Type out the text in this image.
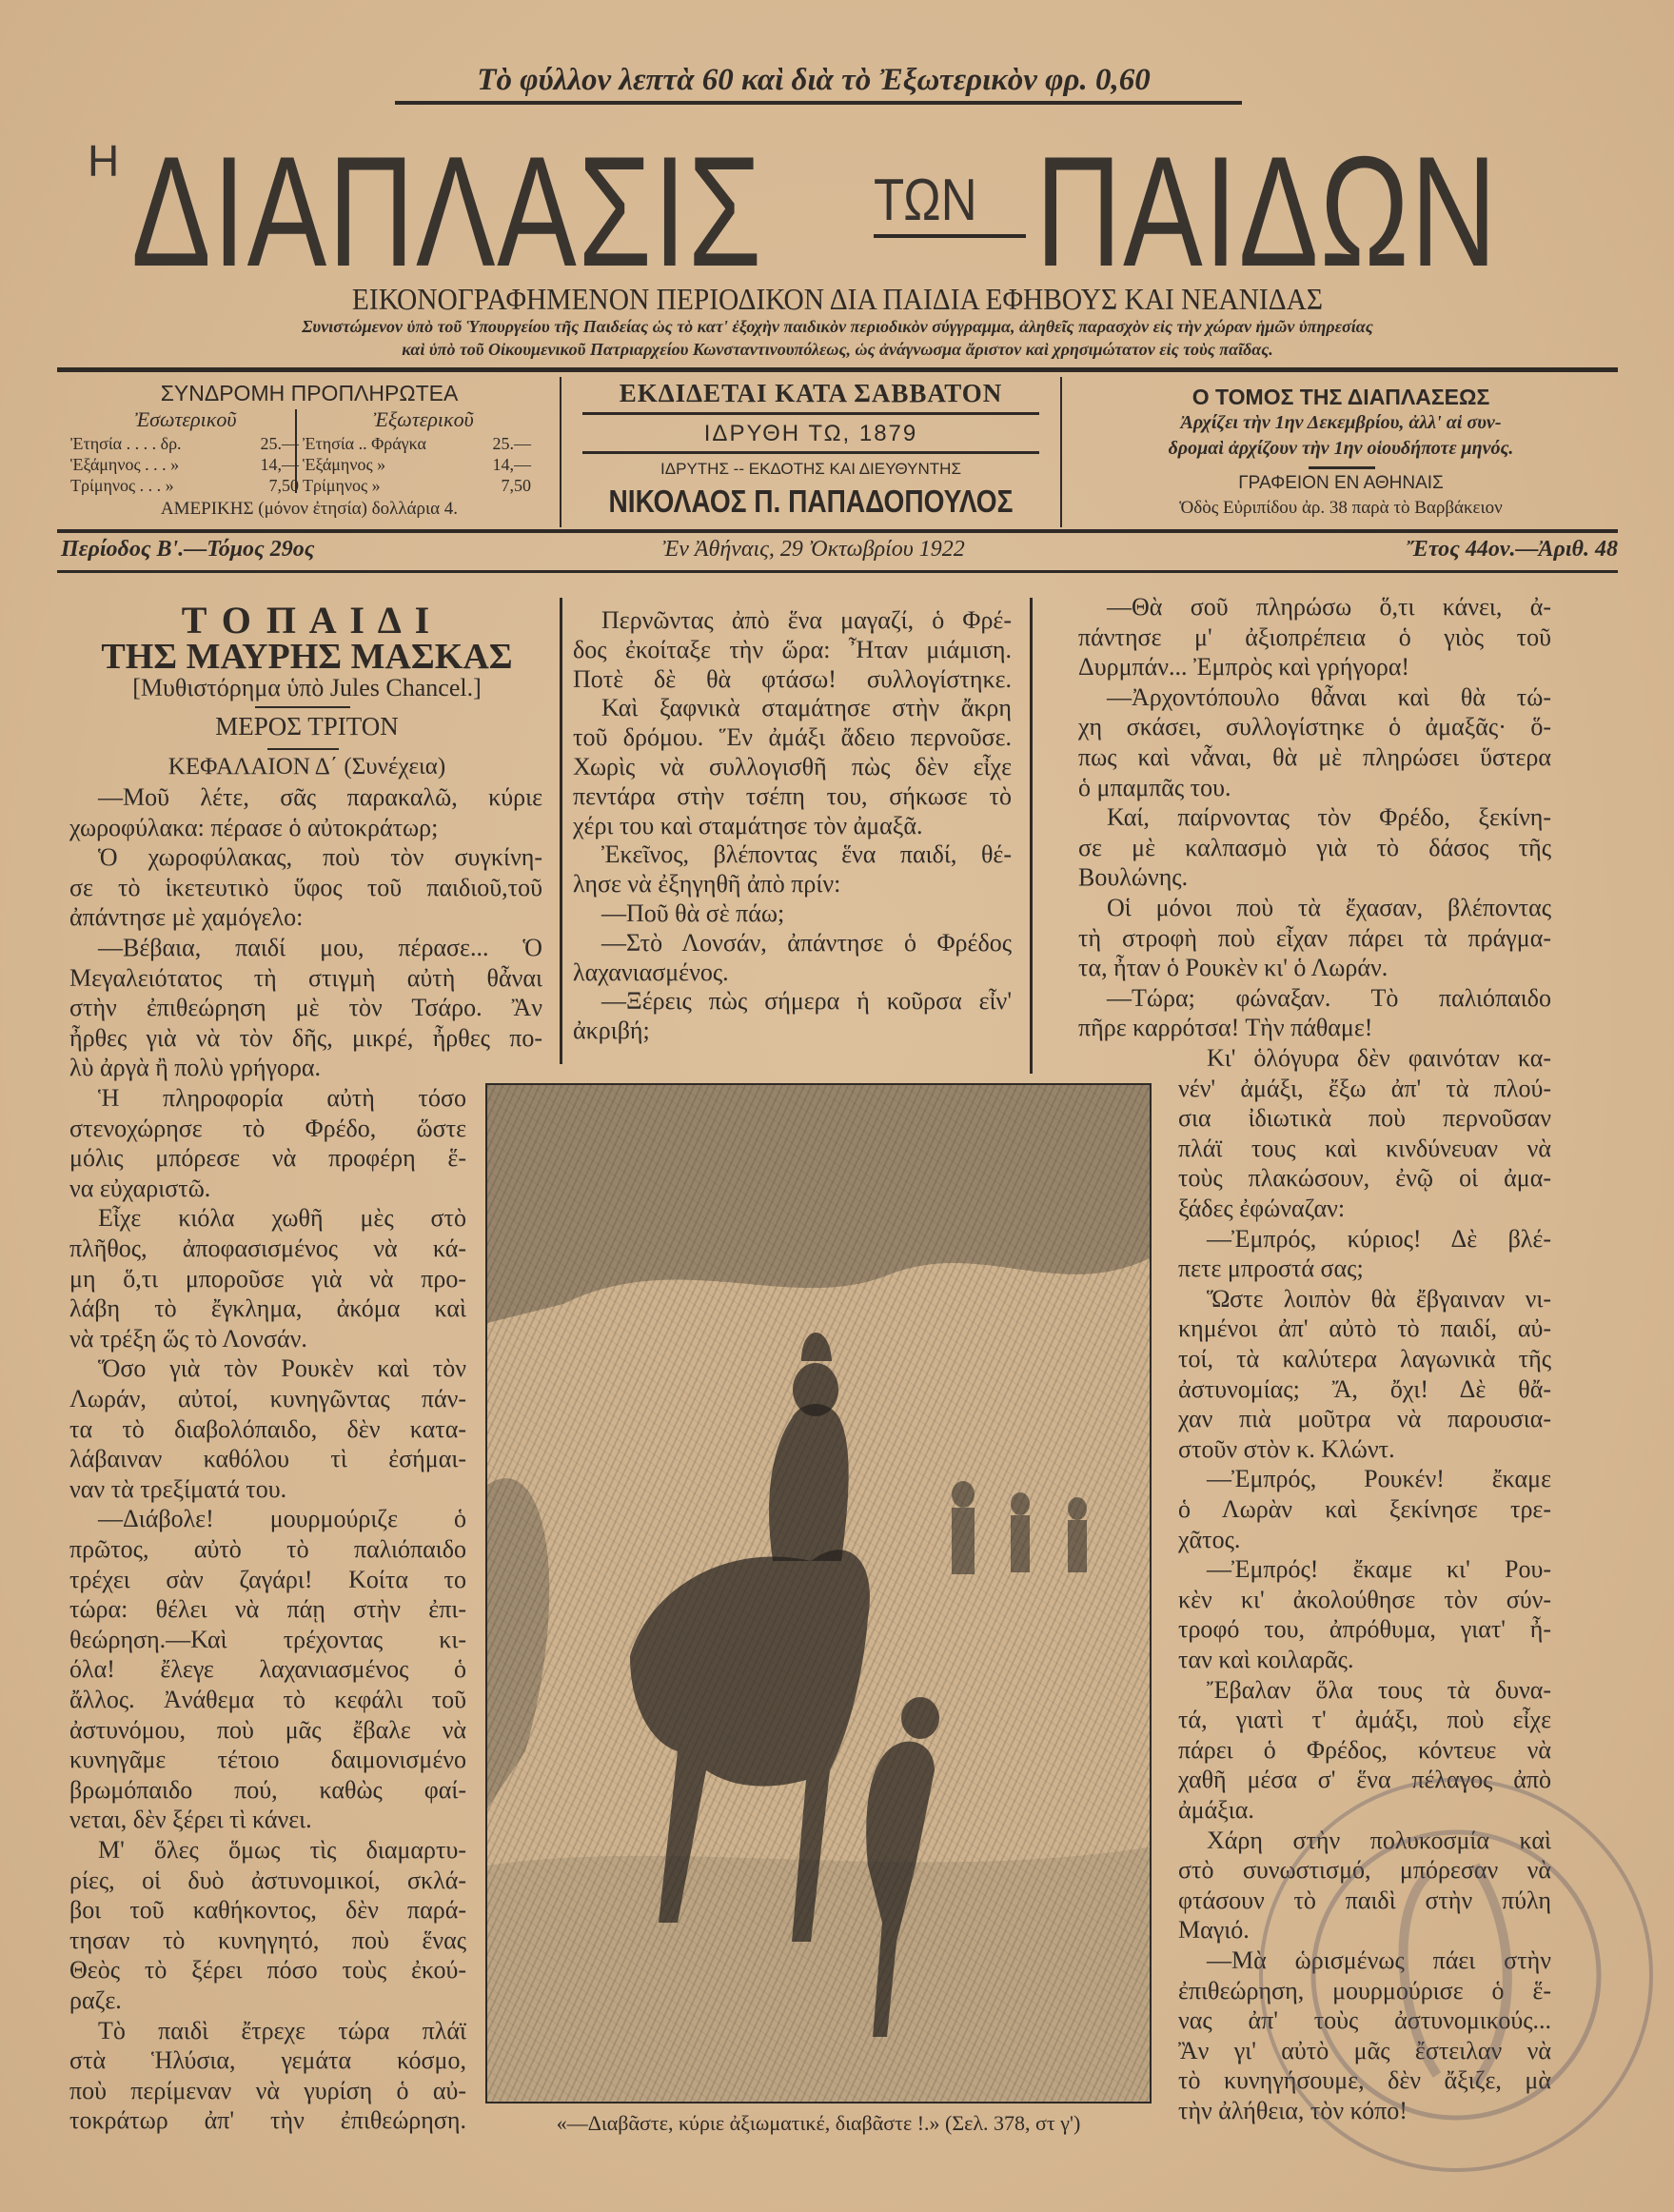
Τὸ φύλλον λεπτὰ 60 καὶ διὰ τὸ Ἐξωτερικὸν φρ. 0,60
Η ΔΙΑΠΛΑΣΙΣ ΤΩΝ ΠΑΙΔΩΝ
ΕΙΚΟΝΟΓΡΑΦΗΜΕΝΟΝ ΠΕΡΙΟΔΙΚΟΝ ΔΙΑ ΠΑΙΔΙΑ ΕΦΗΒΟΥΣ ΚΑΙ ΝΕΑΝΙΔΑΣ
Συνιστώμενον ὑπὸ τοῦ Ὑπουργείου τῆς Παιδείας ὡς τὸ κατ' ἐξοχὴν παιδικὸν περιοδικὸν σύγγραμμα, ἀληθεῖς παρασχὸν εἰς τὴν χώραν ἡμῶν ὑπηρεσίας
καὶ ὑπὸ τοῦ Οἰκουμενικοῦ Πατριαρχείου Κωνσταντινουπόλεως, ὡς ἀνάγνωσμα ἄριστον καὶ χρησιμώτατον εἰς τοὺς παῖδας.
ΣΥΝΔΡΟΜΗ ΠΡΟΠΛΗΡΩΤΕΑ
Ἐσωτερικοῦ	Ἐξωτερικοῦ
Ἐτησία . . . . δρ.	25.—
Ἑξάμηνος . . . »	14,—
Τρίμηνος . . . »	7,50
Ἐτησία .. Φράγκα	25.—
Ἑξάμηνος »	14,—
Τρίμηνος »	7,50
ΑΜΕΡΙΚΗΣ (μόνον ἐτησία) δολλάρια 4.
ΕΚΔΙΔΕΤΑΙ ΚΑΤΑ ΣΑΒΒΑΤΟΝ
ΙΔΡΥΘΗ ΤΩ, 1879
ΙΔΡΥΤΗΣ -- ΕΚΔΟΤΗΣ ΚΑΙ ΔΙΕΥΘΥΝΤΗΣ
ΝΙΚΟΛΑΟΣ Π. ΠΑΠΑΔΟΠΟΥΛΟΣ
Ο ΤΟΜΟΣ ΤΗΣ ΔΙΑΠΛΑΣΕΩΣ
Ἀρχίζει τὴν 1ην Δεκεμβρίου, ἀλλ' αἱ συν-
δρομαὶ ἀρχίζουν τὴν 1ην οἱουδήποτε μηνός.
ΓΡΑΦΕΙΟΝ ΕΝ ΑΘΗΝΑΙΣ
Ὁδὸς Εὐριπίδου ἀρ. 38 παρὰ τὸ Βαρβάκειον
Περίοδος Β'.—Τόμος 29ος	Ἐν Ἀθήναις, 29 Ὀκτωβρίου 1922	Ἔτος 44ον.—Ἀριθ. 48
Τ Ο Π Α Ι Δ Ι
ΤΗΣ ΜΑΥΡΗΣ ΜΑΣΚΑΣ
[Μυθιστόρημα ὑπὸ Jules Chancel.]
ΜΕΡΟΣ ΤΡΙΤΟΝ
ΚΕΦΑΛΑΙΟΝ Δ΄ (Συνέχεια)
—Μοῦ λέτε, σᾶς παρακαλῶ, κύριε
χωροφύλακα: πέρασε ὁ αὐτοκράτωρ;
Ὁ χωροφύλακας, ποὺ τὸν συγκίνη-
σε τὸ ἱκετευτικὸ ὕφος τοῦ παιδιοῦ,τοῦ
ἀπάντησε μὲ χαμόγελο:
—Βέβαια, παιδί μου, πέρασε... Ὁ
Μεγαλειότατος τὴ στιγμὴ αὐτὴ θἆναι
στὴν ἐπιθεώρηση μὲ τὸν Τσάρο. Ἂν
ἦρθες γιὰ νὰ τὸν δῆς, μικρέ, ἦρθες πο-
λὺ ἀργὰ ἢ πολὺ γρήγορα.
Ἡ πληροφορία αὐτὴ τόσο
στενοχώρησε τὸ Φρέδο, ὥστε
μόλις μπόρεσε νὰ προφέρη ἕ-
να εὐχαριστῶ.
Εἶχε κιόλα χωθῆ μὲς στὸ
πλῆθος, ἀποφασισμένος νὰ κά-
μη ὅ,τι μποροῦσε γιὰ νὰ προ-
λάβη τὸ ἔγκλημα, ἀκόμα καὶ
νὰ τρέξη ὥς τὸ Λονσάν.
Ὅσο γιὰ τὸν Ρουκὲν καὶ τὸν
Λωράν, αὐτοί, κυνηγῶντας πάν-
τα τὸ διαβολόπαιδο, δὲν κατα-
λάβαιναν καθόλου τὶ ἐσήμαι-
ναν τὰ τρεξίματά του.
—Διάβολε! μουρμούριζε ὁ
πρῶτος, αὐτὸ τὸ παλιόπαιδο
τρέχει σὰν ζαγάρι! Κοίτα το
τώρα: θέλει νὰ πάῃ στὴν ἐπι-
θεώρηση.—Καὶ τρέχοντας κι-
όλα! ἔλεγε λαχανιασμένος ὁ
ἄλλος. Ἀνάθεμα τὸ κεφάλι τοῦ
ἀστυνόμου, ποὺ μᾶς ἔβαλε νὰ
κυνηγᾶμε τέτοιο δαιμονισμένο
βρωμόπαιδο πού, καθὼς φαί-
νεται, δὲν ξέρει τὶ κάνει.
Μ' ὅλες ὅμως τὶς διαμαρτυ-
ρίες, οἱ δυὸ ἀστυνομικοί, σκλά-
βοι τοῦ καθήκοντος, δὲν παρά-
τησαν τὸ κυνηγητό, ποὺ ἕνας
Θεὸς τὸ ξέρει πόσο τοὺς ἐκού-
ραζε.
Τὸ παιδὶ ἔτρεχε τώρα πλάϊ
στὰ Ἡλύσια, γεμάτα κόσμο,
ποὺ περίμεναν νὰ γυρίση ὁ αὐ-
τοκράτωρ ἀπ' τὴν ἐπιθεώρηση.
Περνῶντας ἀπὸ ἕνα μαγαζί, ὁ Φρέ-
δος ἐκοίταξε τὴν ὥρα: Ἦταν μιάμιση.
Ποτὲ δὲ θὰ φτάσω! συλλογίστηκε.
Καὶ ξαφνικὰ σταμάτησε στὴν ἄκρη
τοῦ δρόμου. Ἕν ἀμάξι ἄδειο περνοῦσε.
Χωρὶς νὰ συλλογισθῆ πὼς δὲν εἶχε
πεντάρα στὴν τσέπη του, σήκωσε τὸ
χέρι του καὶ σταμάτησε τὸν ἀμαξᾶ.
Ἐκεῖνος, βλέποντας ἕνα παιδί, θέ-
λησε νὰ ἐξηγηθῆ ἀπὸ πρίν:
—Ποῦ θὰ σὲ πάω;
—Στὸ Λονσάν, ἀπάντησε ὁ Φρέδος
λαχανιασμένος.
—Ξέρεις πὼς σήμερα ἡ κοῦρσα εἶν'
ἀκριβή;
—Θὰ σοῦ πληρώσω ὅ,τι κάνει, ἀ-
πάντησε μ' ἀξιοπρέπεια ὁ γιὸς τοῦ
Δυρμπάν... Ἐμπρὸς καὶ γρήγορα!
—Ἀρχοντόπουλο θἆναι καὶ θὰ τώ-
χη σκάσει, συλλογίστηκε ὁ ἀμαξᾶς· ὅ-
πως καὶ νἆναι, θὰ μὲ πληρώσει ὕστερα
ὁ μπαμπᾶς του.
Καί, παίρνοντας τὸν Φρέδο, ξεκίνη-
σε μὲ καλπασμὸ γιὰ τὸ δάσος τῆς
Βουλώνης.
Οἱ μόνοι ποὺ τὰ ἔχασαν, βλέποντας
τὴ στροφὴ ποὺ εἶχαν πάρει τὰ πράγμα-
τα, ἦταν ὁ Ρουκὲν κι' ὁ Λωράν.
—Τώρα; φώναξαν. Τὸ παλιόπαιδο
πῆρε καρρότσα! Τὴν πάθαμε!
Κι' ὁλόγυρα δὲν φαινόταν κα-
νέν' ἀμάξι, ἔξω ἀπ' τὰ πλού-
σια ἰδιωτικὰ ποὺ περνοῦσαν
πλάϊ τους καὶ κινδύνευαν νὰ
τοὺς πλακώσουν, ἐνῷ οἱ ἀμα-
ξάδες ἐφώναζαν:
—Ἐμπρός, κύριος! Δὲ βλέ-
πετε μπροστά σας;
Ὥστε λοιπὸν θὰ ἔβγαιναν νι-
κημένοι ἀπ' αὐτὸ τὸ παιδί, αὐ-
τοί, τὰ καλύτερα λαγωνικὰ τῆς
ἀστυνομίας; Ἄ, ὄχι! Δὲ θἄ-
χαν πιὰ μοῦτρα νὰ παρουσια-
στοῦν στὸν κ. Κλώντ.
—Ἐμπρός, Ρουκέν! ἔκαμε
ὁ Λωρὰν καὶ ξεκίνησε τρε-
χᾶτος.
—Ἐμπρός! ἔκαμε κι' Ρου-
κὲν κι' ἀκολούθησε τὸν σύν-
τροφό του, ἀπρόθυμα, γιατ' ἦ-
ταν καὶ κοιλαρᾶς.
Ἔβαλαν ὅλα τους τὰ δυνα-
τά, γιατὶ τ' ἀμάξι, ποὺ εἶχε
πάρει ὁ Φρέδος, κόντευε νὰ
χαθῆ μέσα σ' ἕνα πέλαγος ἀπὸ
ἀμάξια.
Χάρη στὴν πολυκοσμία καὶ
στὸ συνωστισμό, μπόρεσαν νὰ
φτάσουν τὸ παιδὶ στὴν πύλη
Μαγιό.
—Μὰ ὡρισμένως πάει στὴν
ἐπιθεώρηση, μουρμούρισε ὁ ἕ-
νας ἀπ' τοὺς ἀστυνομικούς...
Ἂν γι' αὐτὸ μᾶς ἔστειλαν νὰ
τὸ κυνηγήσουμε, δὲν ἄξιζε, μὰ
τὴν ἀλήθεια, τὸν κόπο!
«—Διαβᾶστε, κύριε ἀξιωματικέ, διαβᾶστε !.» (Σελ. 378, στ γ')
